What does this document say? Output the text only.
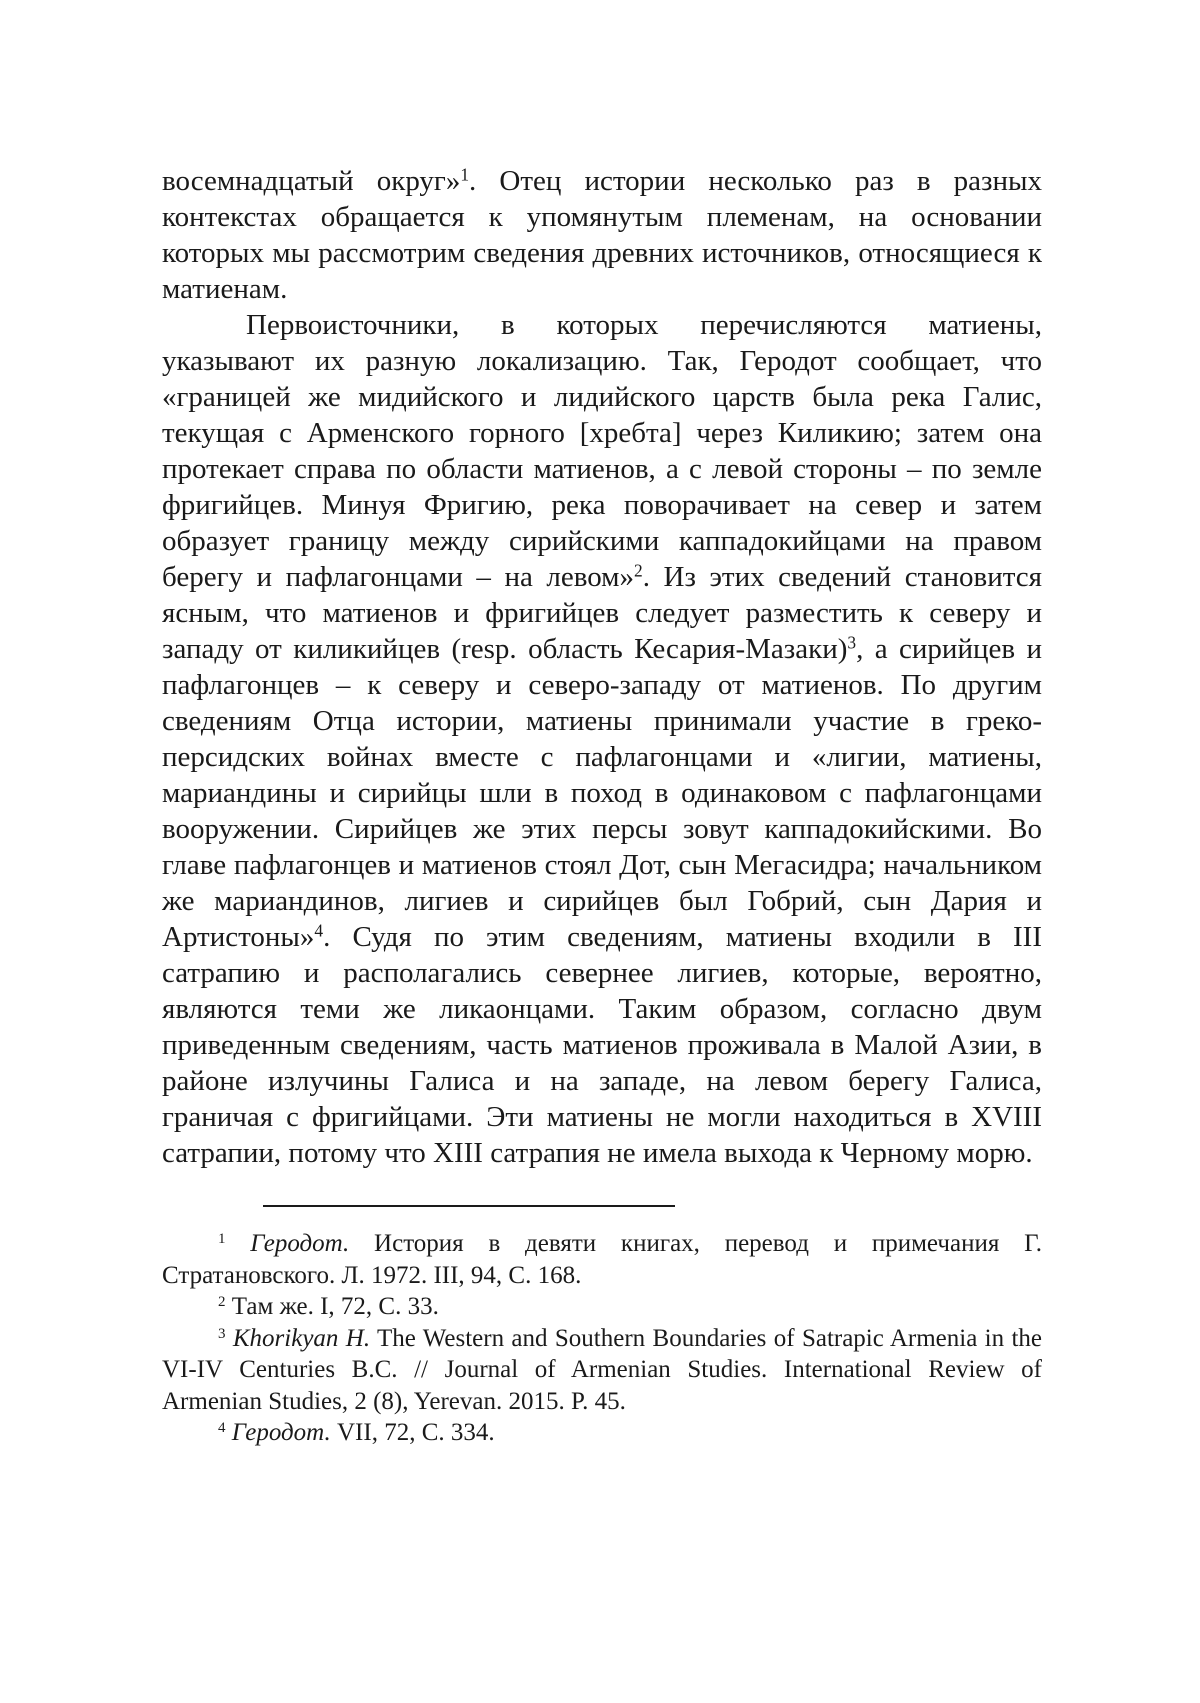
восемнадцатый округ»1. Отец истории несколько раз в разных контекстах обращается к упомянутым племенам, на основании которых мы рассмотрим сведения древних источников, относящиеся к матиенам.

Первоисточники, в которых перечисляются матиены, указывают их разную локализацию. Так, Геродот сообщает, что «границей же мидийского и лидийского царств была река Галис, текущая с Арменского горного [хребта] через Киликию; затем она протекает справа по области матиенов, а с левой стороны – по земле фригийцев. Минуя Фригию, река поворачивает на север и затем образует границу между сирийскими каппадокийцами на правом берегу и пафлагонцами – на левом»2. Из этих сведений становится ясным, что матиенов и фригийцев следует разместить к северу и западу от киликийцев (resp. область Кесария-Мазаки)3, а сирийцев и пафлагонцев – к северу и северо-западу от матиенов. По другим сведениям Отца истории, матиены принимали участие в греко-персидских войнах вместе с пафлагонцами и «лигии, матиены, мариандины и сирийцы шли в поход в одинаковом с пафлагонцами вооружении. Сирийцев же этих персы зовут каппадокийскими. Во главе пафлагонцев и матиенов стоял Дот, сын Мегасидра; начальником же мариандинов, лигиев и сирийцев был Гобрий, сын Дария и Артистоны»4. Судя по этим сведениям, матиены входили в III сатрапию и располагались севернее лигиев, которые, вероятно, являются теми же ликаонцами. Таким образом, согласно двум приведенным сведениям, часть матиенов проживала в Малой Азии, в районе излучины Галиса и на западе, на левом берегу Галиса, граничая с фригийцами. Эти матиены не могли находиться в XVIII сатрапии, потому что XIII сатрапия не имела выхода к Черному морю.

1 Геродот. История в девяти книгах, перевод и примечания Г. Стратановского. Л. 1972. III, 94, С. 168.

2 Там же. I, 72, С. 33.

3 Khorikyan H. The Western and Southern Boundaries of Satrapic Armenia in the VI-IV Centuries B.C. // Journal of Armenian Studies. International Review of Armenian Studies, 2 (8), Yerevan. 2015. P. 45.

4 Геродот. VII, 72, С. 334.
